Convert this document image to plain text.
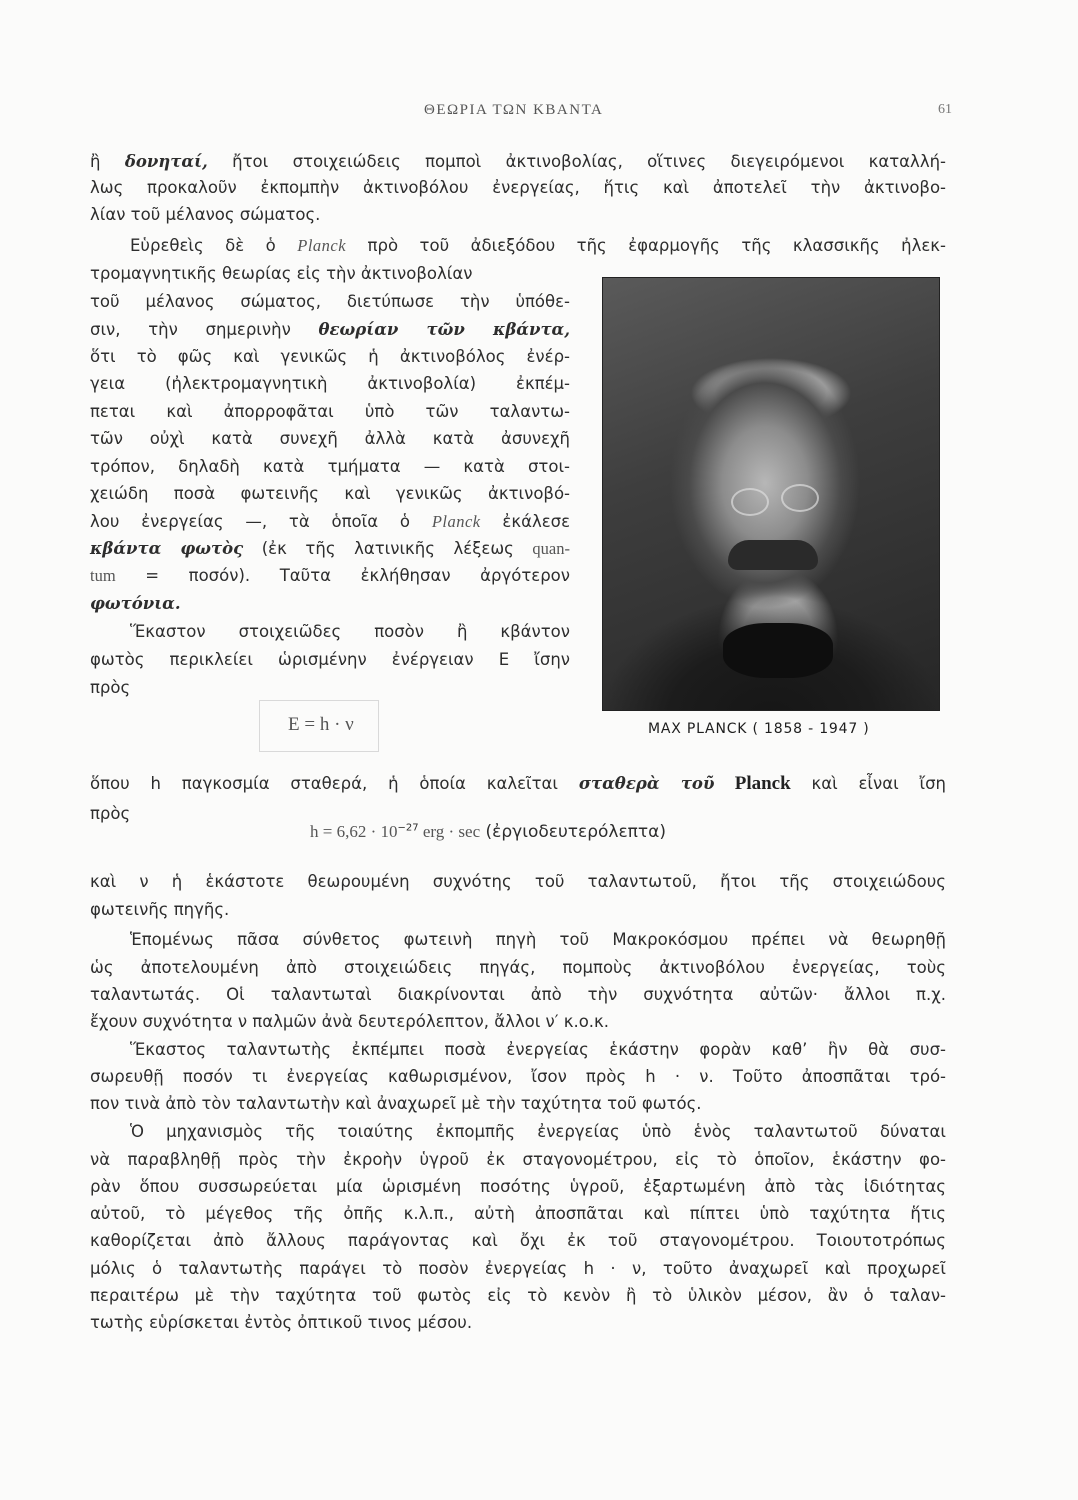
ΘΕΩΡΙΑ ΤΩΝ ΚΒΑΝΤΑ	61
ἢ δονηταί, ἤτοι στοιχειώδεις πομποὶ ἀκτινοβολίας, οἵτινες διεγειρόμενοι καταλλή-
λως προκαλοῦν ἐκπομπὴν ἀκτινοβόλου ἐνεργείας, ἥτις καὶ ἀποτελεῖ τὴν ἀκτινοβο-
λίαν τοῦ μέλανος σώματος.
Εὑρεθεὶς δὲ ὁ Planck πρὸ τοῦ ἀδιεξόδου τῆς ἐφαρμογῆς τῆς κλασσικῆς ἠλεκ-
τρομαγνητικῆς θεωρίας εἰς τὴν ἀκτινοβολίαν
τοῦ μέλανος σώματος, διετύπωσε τὴν ὑπόθε-
σιν, τὴν σημερινὴν θεωρίαν τῶν κβάντα,
ὅτι τὸ φῶς καὶ γενικῶς ἡ ἀκτινοβόλος ἐνέρ-
γεια (ἠλεκτρομαγνητικὴ ἀκτινοβολία) ἐκπέμ-
πεται καὶ ἀπορροφᾶται ὑπὸ τῶν ταλαντω-
τῶν οὐχὶ κατὰ συνεχῆ ἀλλὰ κατὰ ἀσυνεχῆ
τρόπον, δηλαδὴ κατὰ τμήματα — κατὰ στοι-
χειώδη ποσὰ φωτεινῆς καὶ γενικῶς ἀκτινοβό-
λου ἐνεργείας —, τὰ ὁποῖα ὁ Planck ἐκάλεσε
κβάντα φωτὸς (ἐκ τῆς λατινικῆς λέξεως quan-
tum = ποσόν). Ταῦτα ἐκλήθησαν ἀργότερον
φωτόνια.
Ἕκαστον στοιχειῶδες ποσὸν ἢ κβάντον
φωτὸς περικλείει ὡρισμένην ἐνέργειαν Ε ἴσην
πρὸς
E = h · ν	MAX PLANCK ( 1858 - 1947 )
ὅπου h παγκοσμία σταθερά, ἡ ὁποία καλεῖται σταθερὰ τοῦ Planck καὶ εἶναι ἴση
πρὸς
$h = 6,62 \cdot 10^{-27}$ erg · sec (ἐργιοδευτερόλεπτα)
καὶ ν ἡ ἑκάστοτε θεωρουμένη συχνότης τοῦ ταλαντωτοῦ, ἤτοι τῆς στοιχειώδους
φωτεινῆς πηγῆς.
Ἑπομένως πᾶσα σύνθετος φωτεινὴ πηγὴ τοῦ Μακροκόσμου πρέπει νὰ θεωρηθῇ
ὡς ἀποτελουμένη ἀπὸ στοιχειώδεις πηγάς, πομποὺς ἀκτινοβόλου ἐνεργείας, τοὺς
ταλαντωτάς. Οἱ ταλαντωταὶ διακρίνονται ἀπὸ τὴν συχνότητα αὐτῶν· ἄλλοι π.χ.
ἔχουν συχνότητα ν παλμῶν ἀνὰ δευτερόλεπτον, ἄλλοι ν′ κ.ο.κ.
Ἕκαστος ταλαντωτὴς ἐκπέμπει ποσὰ ἐνεργείας ἑκάστην φορὰν καθ’ ἣν θὰ συσ-
σωρευθῇ ποσόν τι ἐνεργείας καθωρισμένον, ἴσον πρὸς h · ν. Τοῦτο ἀποσπᾶται τρό-
πον τινὰ ἀπὸ τὸν ταλαντωτὴν καὶ ἀναχωρεῖ μὲ τὴν ταχύτητα τοῦ φωτός.
Ὁ μηχανισμὸς τῆς τοιαύτης ἐκπομπῆς ἐνεργείας ὑπὸ ἑνὸς ταλαντωτοῦ δύναται
νὰ παραβληθῇ πρὸς τὴν ἐκροὴν ὑγροῦ ἐκ σταγονομέτρου, εἰς τὸ ὁποῖον, ἑκάστην φο-
ρὰν ὅπου συσσωρεύεται μία ὡρισμένη ποσότης ὑγροῦ, ἐξαρτωμένη ἀπὸ τὰς ἰδιότητας
αὐτοῦ, τὸ μέγεθος τῆς ὀπῆς κ.λ.π., αὐτὴ ἀποσπᾶται καὶ πίπτει ὑπὸ ταχύτητα ἥτις
καθορίζεται ἀπὸ ἄλλους παράγοντας καὶ ὄχι ἐκ τοῦ σταγονομέτρου. Τοιουτοτρόπως
μόλις ὁ ταλαντωτὴς παράγει τὸ ποσὸν ἐνεργείας h · ν, τοῦτο ἀναχωρεῖ καὶ προχωρεῖ
περαιτέρω μὲ τὴν ταχύτητα τοῦ φωτὸς εἰς τὸ κενὸν ἢ τὸ ὑλικὸν μέσον, ἂν ὁ ταλαν-
τωτὴς εὑρίσκεται ἐντὸς ὀπτικοῦ τινος μέσου.
